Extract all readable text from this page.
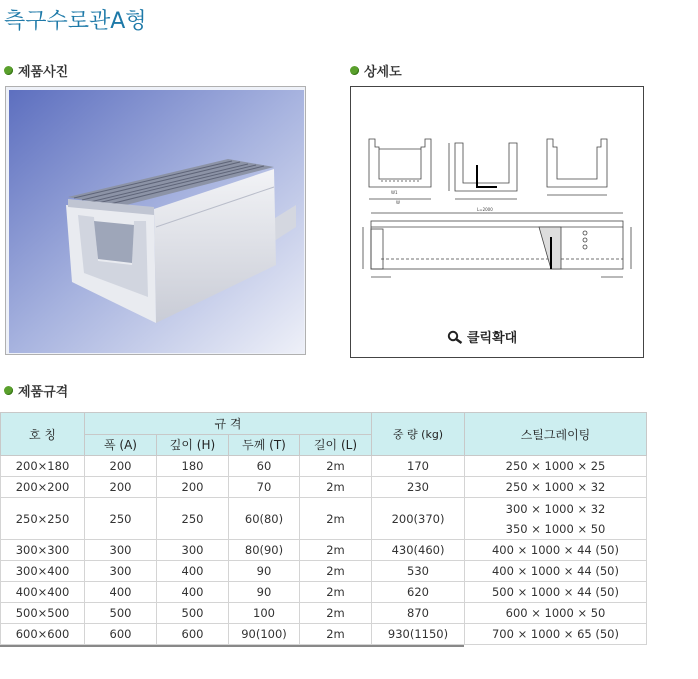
측구수로관A형
제품사진	상세도
W1
W
L=2000
클릭확대
제품규격
호 칭	규 격				중 량 (kg)	스틸그레이팅
	폭 (A)	깊이 (H)	두께 (T)	길이 (L)		
200×180	200	180	60	2m	170	250 × 1000 × 25
200×200	200	200	70	2m	230	250 × 1000 × 32
250×250	250	250	60(80)	2m	200(370)	300 × 1000 × 32
350 × 1000 × 50

300×300	300	300	80(90)	2m	430(460)	400 × 1000 × 44 (50)
300×400	300	400	90	2m	530	400 × 1000 × 44 (50)
400×400	400	400	90	2m	620	500 × 1000 × 44 (50)
500×500	500	500	100	2m	870	600 × 1000 × 50
600×600	600	600	90(100)	2m	930(1150)	700 × 1000 × 65 (50)
